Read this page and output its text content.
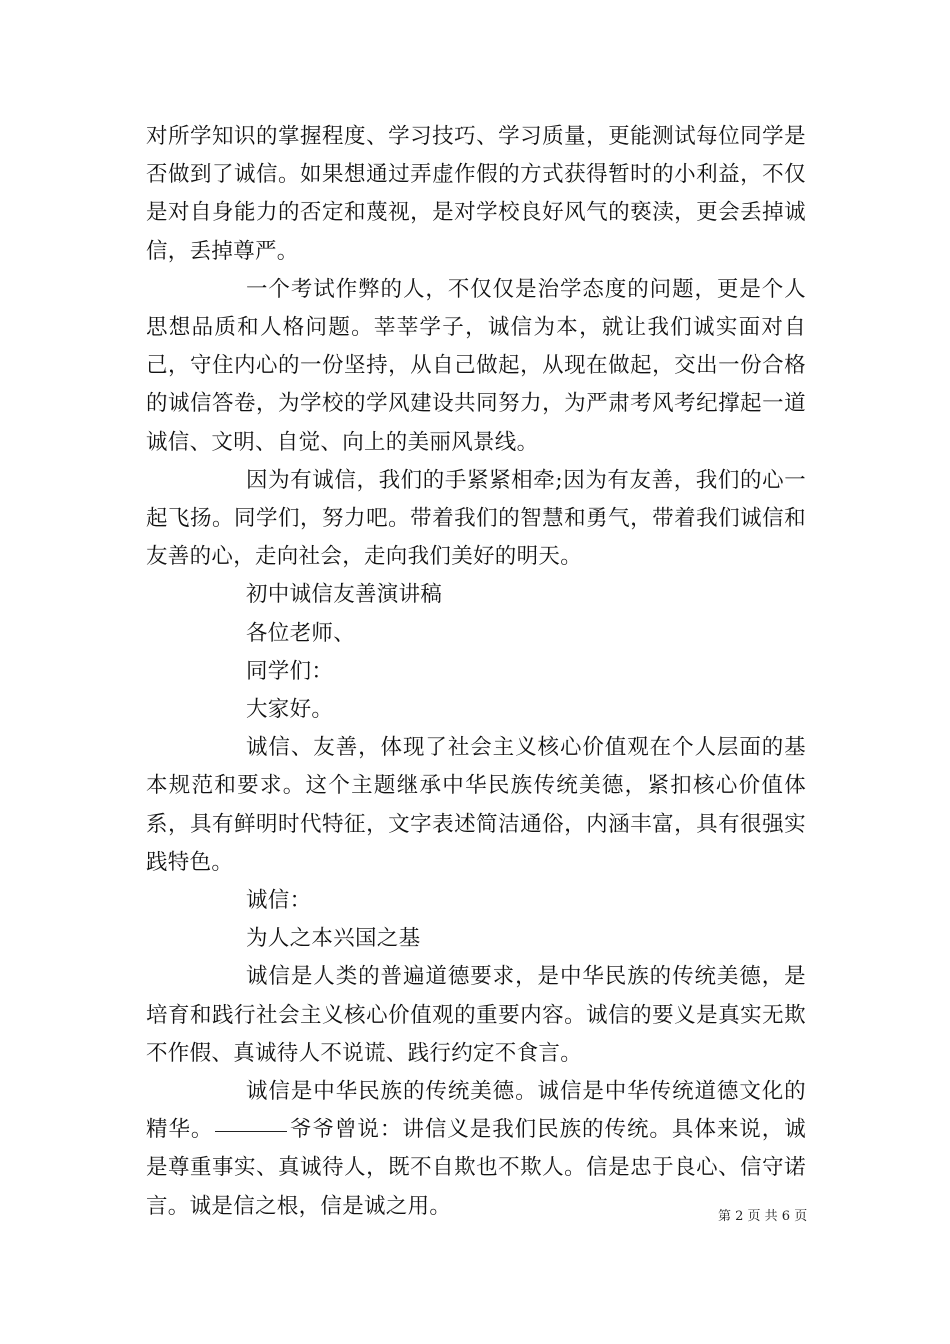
对所学知识的掌握程度、学习技巧、学习质量，更能测试每位同学是否做到了诚信。如果想通过弄虚作假的方式获得暂时的小利益，不仅是对自身能力的否定和蔑视，是对学校良好风气的亵渎，更会丢掉诚信，丢掉尊严。

一个考试作弊的人，不仅仅是治学态度的问题，更是个人思想品质和人格问题。莘莘学子，诚信为本，就让我们诚实面对自己，守住内心的一份坚持，从自己做起，从现在做起，交出一份合格的诚信答卷，为学校的学风建设共同努力，为严肃考风考纪撑起一道诚信、文明、自觉、向上的美丽风景线。

因为有诚信，我们的手紧紧相牵;因为有友善，我们的心一起飞扬。同学们，努力吧。带着我们的智慧和勇气，带着我们诚信和友善的心，走向社会，走向我们美好的明天。

初中诚信友善演讲稿

各位老师、

同学们：

大家好。

诚信、友善，体现了社会主义核心价值观在个人层面的基本规范和要求。这个主题继承中华民族传统美德，紧扣核心价值体系，具有鲜明时代特征，文字表述简洁通俗，内涵丰富，具有很强实践特色。

诚信：

为人之本兴国之基

诚信是人类的普遍道德要求，是中华民族的传统美德，是培育和践行社会主义核心价值观的重要内容。诚信的要义是真实无欺不作假、真诚待人不说谎、践行约定不食言。

诚信是中华民族的传统美德。诚信是中华传统道德文化的精华。	爷爷曾说：讲信义是我们民族的传统。具体来说，诚是尊重事实、真诚待人，既不自欺也不欺人。信是忠于良心、信守诺言。诚是信之根，信是诚之用。	第 2 页 共 6 页
